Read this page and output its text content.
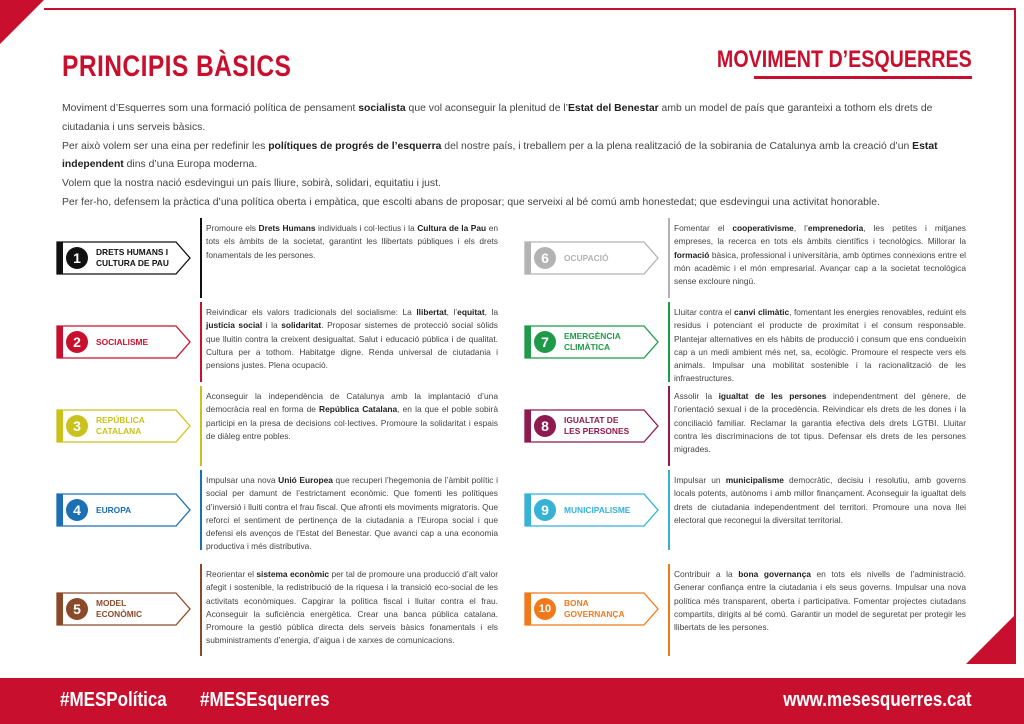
PRINCIPIS BÀSICS	MOVIMENT D’ESQUERRES

Moviment d’Esquerres som una formació política de pensament socialista que vol aconseguir la plenitud de l’Estat del Benestar amb un model de país que garanteixi a tothom els drets de ciutadania i uns serveis bàsics.

Per això volem ser una eina per redefinir les polítiques de progrés de l’esquerra del nostre país, i treballem per a la plena realització de la sobirania de Catalunya amb la creació d’un Estat independent dins d’una Europa moderna.

Volem que la nostra nació esdevingui un país lliure, sobirà, solidari, equitatiu i just.

Per fer-ho, defensem la pràctica d’una política oberta i empàtica, que escolti abans de proposar; que serveixi al bé comú amb honestedat; que esdevingui una activitat honorable.

1	DRETS HUMANS I
CULTURA DE PAU
Promoure els Drets Humans individuals i col·lectius i la Cultura de la Pau en tots els àmbits de la societat, garantint les llibertats públiques i els drets fonamentals de les persones.
2	SOCIALISME
Reivindicar els valors tradicionals del socialisme: La llibertat, l’equitat, la justícia social i la solidaritat. Proposar sistemes de protecció social sòlids que lluitin contra la creixent desigualtat. Salut i educació pública i de qualitat. Cultura per a tothom. Habitatge digne. Renda universal de ciutadania i pensions justes. Plena ocupació.
3	REPÚBLICA
CATALANA
Aconseguir la independència de Catalunya amb la implantació d’una democràcia real en forma de República Catalana, en la que el poble sobirà participi en la presa de decisions col·lectives. Promoure la solidaritat i espais de diàleg entre pobles.
4	EUROPA
Impulsar una nova Unió Europea que recuperi l’hegemonia de l’àmbit polític i social per damunt de l’estrictament econòmic. Que fomenti les polítiques d’inversió i lluiti contra el frau fiscal. Que afronti els moviments migratoris. Que reforci el sentiment de pertinença de la ciutadania a l’Europa social i que defensi els avenços de l’Estat del Benestar. Que avanci cap a una economia productiva i més distributiva.
5	MODEL
ECONÒMIC
Reorientar el sistema econòmic per tal de promoure una producció d’alt valor afegit i sostenible, la redistribució de la riquesa i la transició eco-social de les activitats econòmiques. Capgirar la política fiscal i lluitar contra el frau. Aconseguir la suficiència energètica. Crear una banca pública catalana. Promoure la gestió pública directa dels serveis bàsics fonamentals i els subministraments d’energia, d’aigua i de xarxes de comunicacions.
6	OCUPACIÓ
Fomentar el cooperativisme, l’emprenedoria, les petites i mitjanes empreses, la recerca en tots els àmbits científics i tecnològics. Millorar la formació bàsica, professional i universitària, amb òptimes connexions entre el món acadèmic i el món empresarial. Avançar cap a la societat tecnològica sense excloure ningú.
7	EMERGÈNCIA
CLIMÀTICA
Lluitar contra el canvi climàtic, fomentant les energies renovables, reduint els residus i potenciant el producte de proximitat i el consum responsable. Plantejar alternatives en els hàbits de producció i consum que ens condueixin cap a un medi ambient més net, sa, ecològic. Promoure el respecte vers els animals. Impulsar una mobilitat sostenible i la racionalització de les infraestructures.
8	IGUALTAT DE
LES PERSONES
Assolir la igualtat de les persones independentment del gènere, de l’orientació sexual i de la procedència. Reivindicar els drets de les dones i la conciliació familiar. Reclamar la garantia efectiva dels drets LGTBI. Lluitar contra les discriminacions de tot tipus. Defensar els drets de les persones migrades.
9	MUNICIPALISME
Impulsar un municipalisme democràtic, decisiu i resolutiu, amb governs locals potents, autònoms i amb millor finançament. Aconseguir la igualtat dels drets de ciutadania independentment del territori. Promoure una nova llei electoral que reconegui la diversitat territorial.
10	BONA
GOVERNANÇA
Contribuir a la bona governança en tots els nivells de l’administració. Generar confiança entre la ciutadania i els seus governs. Impulsar una nova política més transparent, oberta i participativa. Fomentar projectes ciutadans compartits, dirigits al bé comú. Garantir un model de seguretat per protegir les llibertats de les persones.
#MESPolítica #MESEsquerres	www.mesesquerres.cat
